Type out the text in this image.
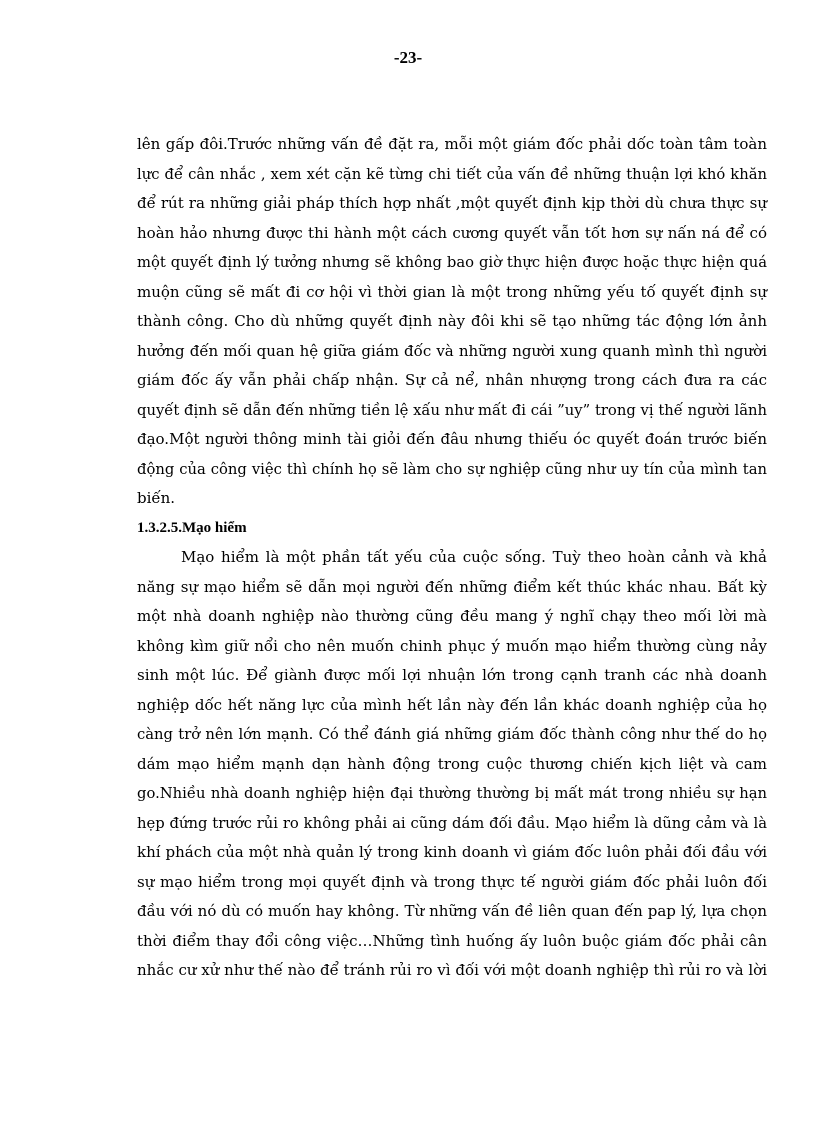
-23-
lên gấp đôi.Trước những vấn đề đặt ra, mỗi một giám đốc phải dốc toàn tâm toàn
lực để cân nhắc , xem xét cặn kẽ từng chi tiết của vấn đề những thuận lợi khó khăn
để rút ra những giải pháp thích hợp nhất ,một quyết định kịp thời dù chưa thực sự
hoàn hảo nhưng được thi hành một cách cương quyết vẫn tốt hơn sự nấn ná để có
một quyết định lý tưởng nhưng sẽ không bao giờ thực hiện được hoặc thực hiện quá
muộn cũng sẽ mất đi cơ hội vì thời gian là một trong những yếu tố quyết định sự
thành công. Cho dù những quyết định này đôi khi sẽ tạo những tác động lớn ảnh
hưởng đến mối quan hệ giữa giám đốc và những người xung quanh mình thì người
giám đốc ấy vẫn phải chấp nhận. Sự cả nể, nhân nhượng trong cách đưa ra các
quyết định sẽ dẫn đến những tiền lệ xấu như mất đi cái ”uy” trong vị thế người lãnh
đạo.Một người thông minh tài giỏi đến đâu nhưng thiếu óc quyết đoán trước biến
động của công việc thì chính họ sẽ làm cho sự nghiệp cũng như uy tín của mình tan
biến.
1.3.2.5.Mạo hiểm
Mạo hiểm là một phần tất yếu của cuộc sống. Tuỳ theo hoàn cảnh và khả
năng sự mạo hiểm sẽ dẫn mọi người đến những điểm kết thúc khác nhau. Bất kỳ
một nhà doanh nghiệp nào thường cũng đều mang ý nghĩ chạy theo mối lời mà
không kìm giữ nổi cho nên muốn chinh phục ý muốn mạo hiểm thường cùng nảy
sinh một lúc. Để giành được mối lợi nhuận lớn trong cạnh tranh các nhà doanh
nghiệp dốc hết năng lực của mình hết lần này đến lần khác doanh nghiệp của họ
càng trở nên lớn mạnh. Có thể đánh giá những giám đốc thành công như thế do họ
dám mạo hiểm mạnh dạn hành động trong cuộc thương chiến kịch liệt và cam
go.Nhiều nhà doanh nghiệp hiện đại thường thường bị mất mát trong nhiều sự hạn
hẹp đứng trước rủi ro không phải ai cũng dám đối đầu. Mạo hiểm là dũng cảm và là
khí phách của một nhà quản lý trong kinh doanh vì giám đốc luôn phải đối đầu với
sự mạo hiểm trong mọi quyết định và trong thực tế người giám đốc phải luôn đối
đầu với nó dù có muốn hay không. Từ những vấn đề liên quan đến pap lý, lựa chọn
thời điểm thay đổi công việc…Những tình huống ấy luôn buộc giám đốc phải cân
nhắc cư xử như thế nào để tránh rủi ro vì đối với một doanh nghiệp thì rủi ro và lời
